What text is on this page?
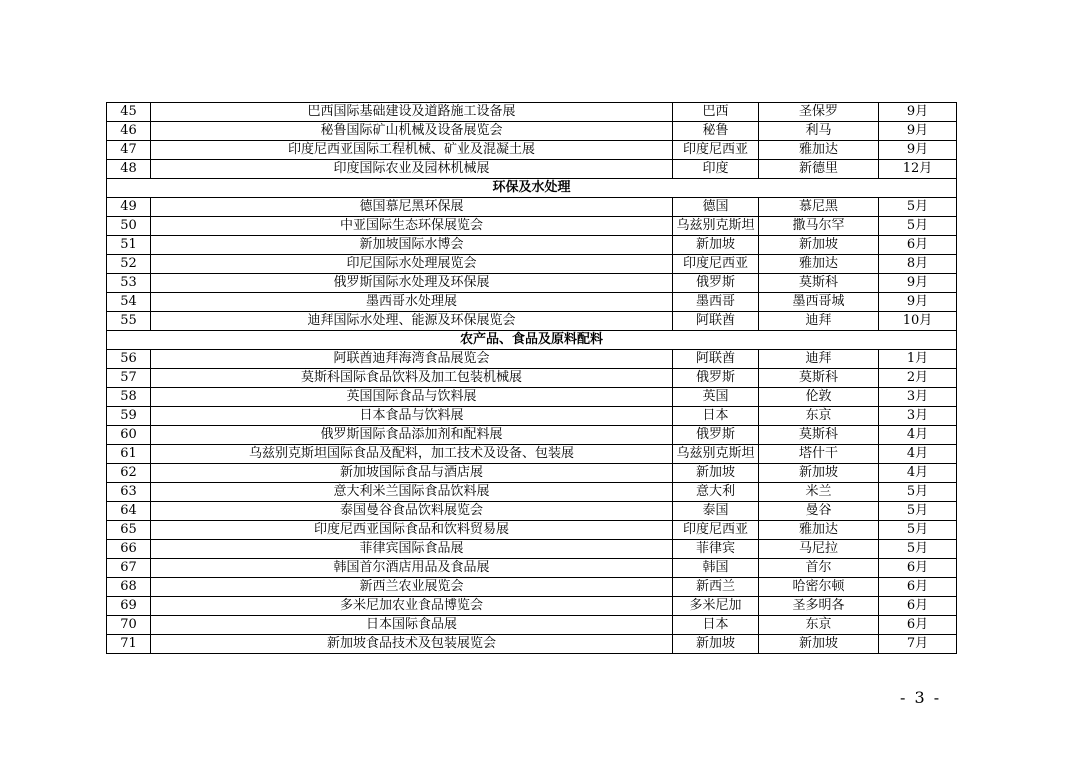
45	巴西国际基础建设及道路施工设备展	巴西	圣保罗	9月
46	秘鲁国际矿山机械及设备展览会	秘鲁	利马	9月
47	印度尼西亚国际工程机械、矿业及混凝土展	印度尼西亚	雅加达	9月
48	印度国际农业及园林机械展	印度	新德里	12月
环保及水处理				
49	德国慕尼黑环保展	德国	慕尼黑	5月
50	中亚国际生态环保展览会	乌兹别克斯坦	撒马尔罕	5月
51	新加坡国际水博会	新加坡	新加坡	6月
52	印尼国际水处理展览会	印度尼西亚	雅加达	8月
53	俄罗斯国际水处理及环保展	俄罗斯	莫斯科	9月
54	墨西哥水处理展	墨西哥	墨西哥城	9月
55	迪拜国际水处理、能源及环保展览会	阿联酋	迪拜	10月
农产品、食品及原料配料				
56	阿联酋迪拜海湾食品展览会	阿联酋	迪拜	1月
57	莫斯科国际食品饮料及加工包装机械展	俄罗斯	莫斯科	2月
58	英国国际食品与饮料展	英国	伦敦	3月
59	日本食品与饮料展	日本	东京	3月
60	俄罗斯国际食品添加剂和配料展	俄罗斯	莫斯科	4月
61	乌兹别克斯坦国际食品及配料，加工技术及设备、包装展	乌兹别克斯坦	塔什干	4月
62	新加坡国际食品与酒店展	新加坡	新加坡	4月
63	意大利米兰国际食品饮料展	意大利	米兰	5月
64	泰国曼谷食品饮料展览会	泰国	曼谷	5月
65	印度尼西亚国际食品和饮料贸易展	印度尼西亚	雅加达	5月
66	菲律宾国际食品展	菲律宾	马尼拉	5月
67	韩国首尔酒店用品及食品展	韩国	首尔	6月
68	新西兰农业展览会	新西兰	哈密尔顿	6月
69	多米尼加农业食品博览会	多米尼加	圣多明各	6月
70	日本国际食品展	日本	东京	6月
71	新加坡食品技术及包装展览会	新加坡	新加坡	7月
- 3 -
